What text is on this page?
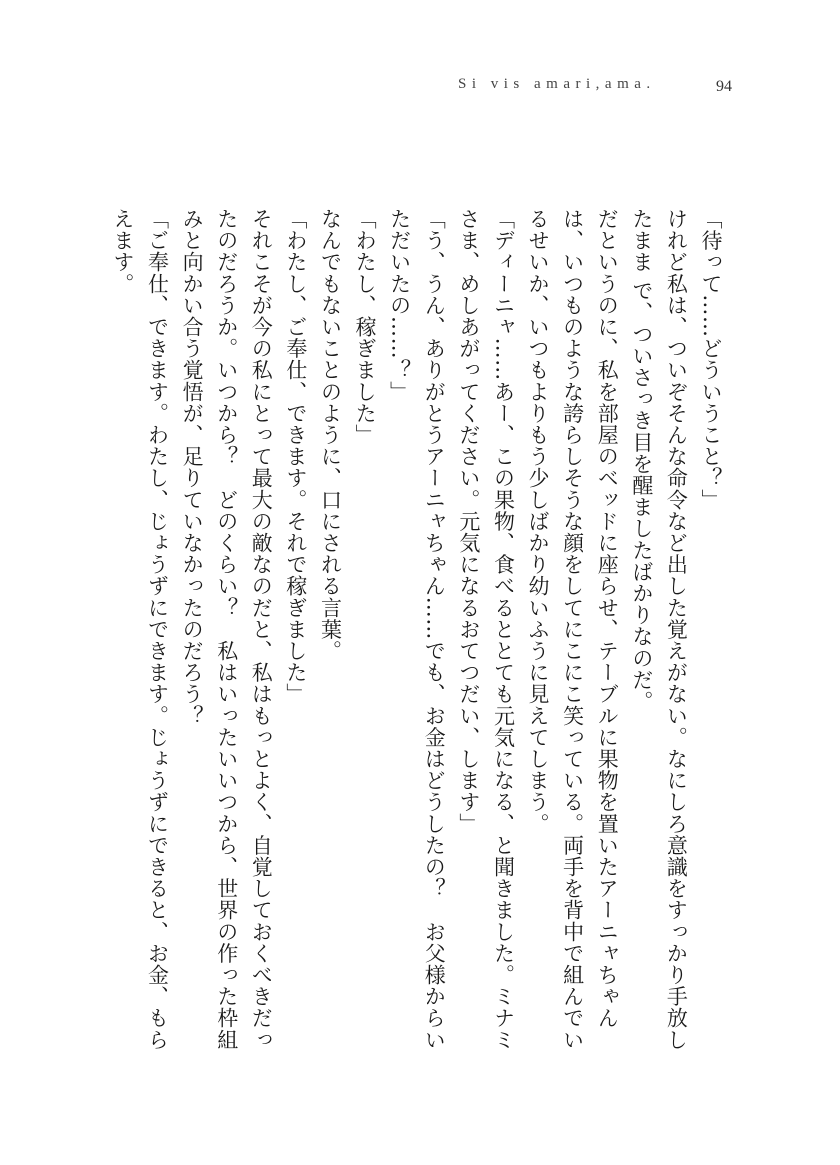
Si vis amari,ama.	94

「待って……どういうこと？」

けれど私は、ついぞそんな命令など出した覚えがない。なにしろ意識をすっかり手放したまま で、ついさっき目を醒ましたばかりなのだ。

だというのに、私を部屋のベッドに座らせ、テーブルに果物を置いたアーニャちゃんは、いつものような誇らしそうな顔をしてにこにこ笑っている。両手を背中で組んでいるせいか、いつもよりもう少しばかり幼いふうに見えてしまう。

「ディーニャ……あー、この果物、食べるととても元気になる、と聞きました。ミナミさま、めしあがってください。元気になるおてつだい、します」

「う、うん、ありがとうアーニャちゃん……でも、お金はどうしたの？　お父様からいただいたの……？」

「わたし、稼ぎました」

なんでもないことのように、口にされる言葉。

「わたし、ご奉仕、できます。それで稼ぎました」

それこそが今の私にとって最大の敵なのだと、私はもっとよく、自覚しておくべきだったのだろうか。いつから？　どのくらい？　私はいったいいつから、世界の作った枠組みと向かい合う覚悟が、足りていなかったのだろう？

「ご奉仕、できます。わたし、じょうずにできます。じょうずにできると、お金、もらえます。
